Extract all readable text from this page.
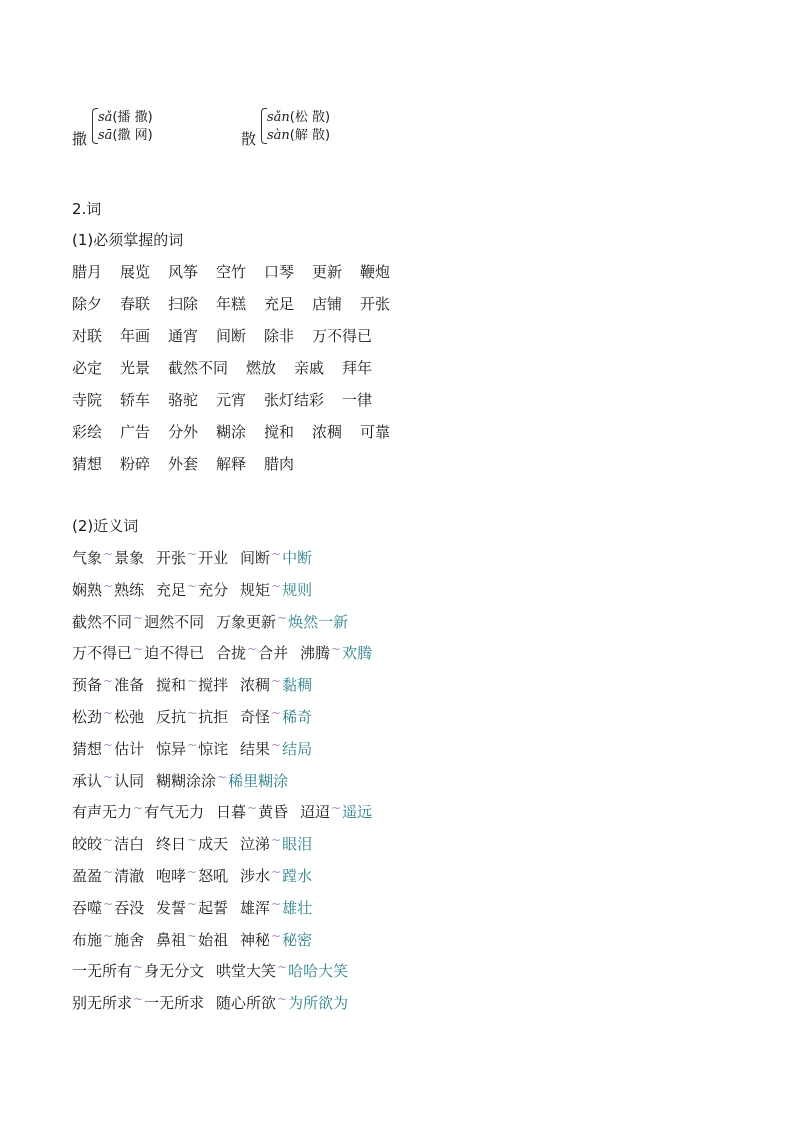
撒
sǎ(播 撒)
sā(撒 网)	散
sǎn(松 散)
sàn(解 散)
2.词
(1)必须掌握的词
腊月 展览 风筝 空竹 口琴 更新 鞭炮
除夕 春联 扫除 年糕 充足 店铺 开张
对联 年画 通宵 间断 除非 万不得已
必定 光景 截然不同 燃放 亲戚 拜年
寺院 轿车 骆驼 元宵 张灯结彩 一律
彩绘 广告 分外 糊涂 搅和 浓稠 可靠
猜想 粉碎 外套 解释 腊肉
(2)近义词
气象~景象 开张~开业 间断~中断
娴熟~熟练 充足~充分 规矩~规则
截然不同~迥然不同 万象更新~焕然一新
万不得已~迫不得已 合拢~合并 沸腾~欢腾
预备~准备 搅和~搅拌 浓稠~黏稠
松劲~松弛 反抗~抗拒 奇怪~稀奇
猜想~估计 惊异~惊诧 结果~结局
承认~认同 糊糊涂涂~稀里糊涂
有声无力~有气无力 日暮~黄昏 迢迢~遥远
皎皎~洁白 终日~成天 泣涕~眼泪
盈盈~清澈 咆哮~怒吼 涉水~蹚水
吞噬~吞没 发誓~起誓 雄浑~雄壮
布施~施舍 鼻祖~始祖 神秘~秘密
一无所有~身无分文 哄堂大笑~哈哈大笑
别无所求~一无所求 随心所欲~为所欲为
